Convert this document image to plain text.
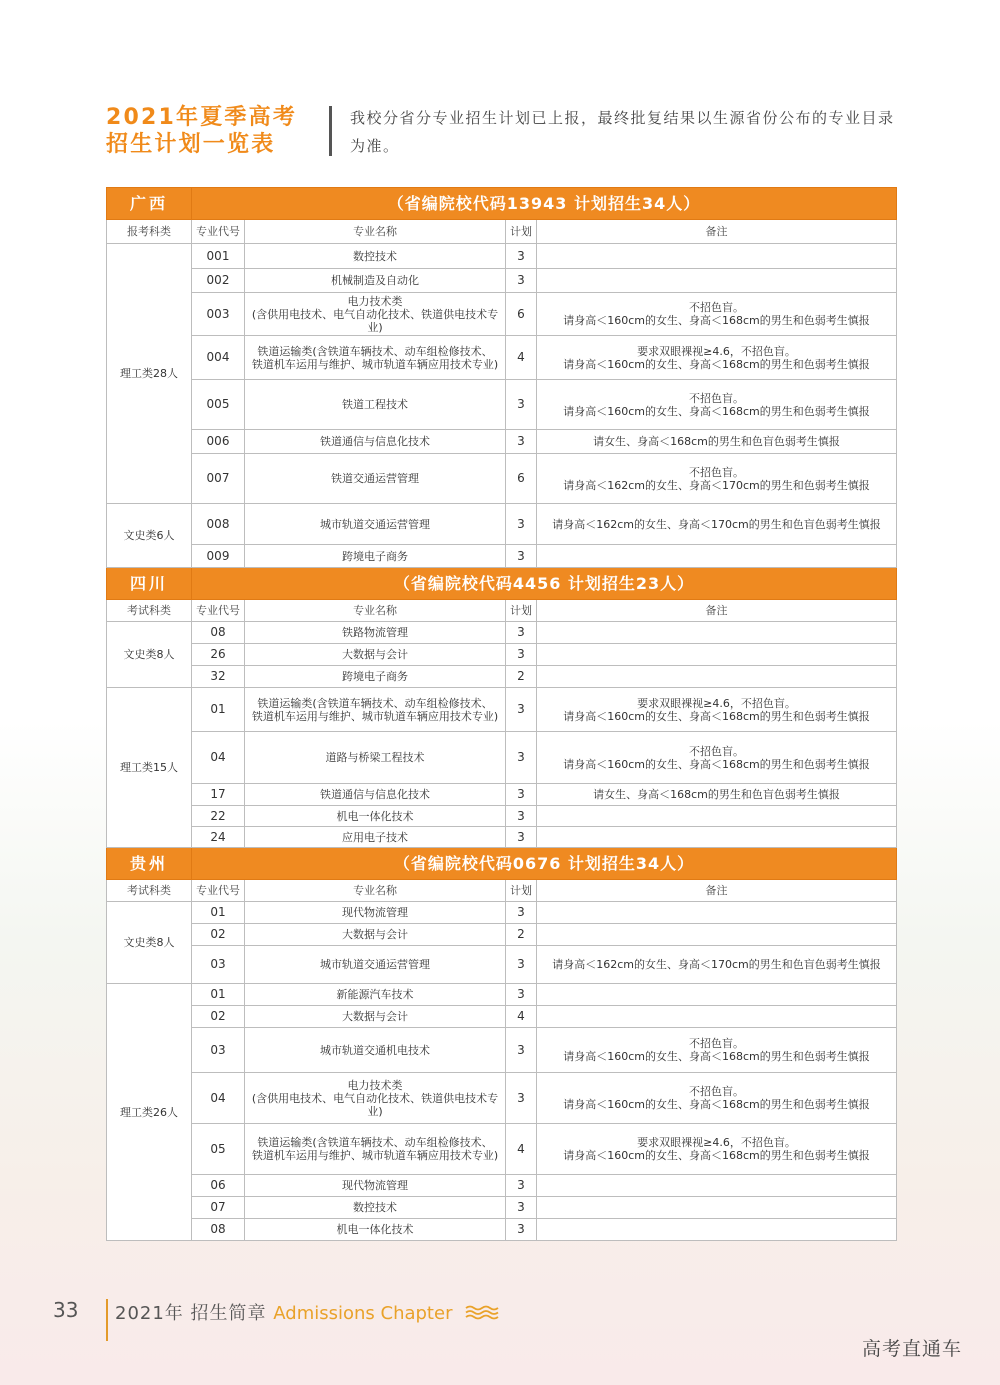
2021年夏季高考
招生计划一览表
我校分省分专业招生计划已上报，最终批复结果以生源省份公布的专业目录为准。
广西	（省编院校代码13943 计划招生34人）			
报考科类	专业代号	专业名称	计划	备注
理工类28人	001	数控技术	3	
	002	机械制造及自动化	3	
	003	电力技术类
(含供用电技术、电气自动化技术、铁道供电技术专业)	6	不招色盲。
请身高＜160cm的女生、身高＜168cm的男生和色弱考生慎报
	004	铁道运输类(含铁道车辆技术、动车组检修技术、
铁道机车运用与维护、城市轨道车辆应用技术专业)	4	要求双眼裸视≥4.6，不招色盲。
请身高＜160cm的女生、身高＜168cm的男生和色弱考生慎报
	005	铁道工程技术	3	不招色盲。
请身高＜160cm的女生、身高＜168cm的男生和色弱考生慎报
	006	铁道通信与信息化技术	3	请女生、身高＜168cm的男生和色盲色弱考生慎报
	007	铁道交通运营管理	6	不招色盲。
请身高＜162cm的女生、身高＜170cm的男生和色弱考生慎报
文史类6人	008	城市轨道交通运营管理	3	请身高＜162cm的女生、身高＜170cm的男生和色盲色弱考生慎报
	009	跨境电子商务	3	
四川	（省编院校代码4456 计划招生23人）			
考试科类	专业代号	专业名称	计划	备注
文史类8人	08	铁路物流管理	3	
	26	大数据与会计	3	
	32	跨境电子商务	2	
理工类15人	01	铁道运输类(含铁道车辆技术、动车组检修技术、
铁道机车运用与维护、城市轨道车辆应用技术专业)	3	要求双眼裸视≥4.6，不招色盲。
请身高＜160cm的女生、身高＜168cm的男生和色弱考生慎报
	04	道路与桥梁工程技术	3	不招色盲。
请身高＜160cm的女生、身高＜168cm的男生和色弱考生慎报
	17	铁道通信与信息化技术	3	请女生、身高＜168cm的男生和色盲色弱考生慎报
	22	机电一体化技术	3	
	24	应用电子技术	3	
贵州	（省编院校代码0676 计划招生34人）			
考试科类	专业代号	专业名称	计划	备注
文史类8人	01	现代物流管理	3	
	02	大数据与会计	2	
	03	城市轨道交通运营管理	3	请身高＜162cm的女生、身高＜170cm的男生和色盲色弱考生慎报
理工类26人	01	新能源汽车技术	3	
	02	大数据与会计	4	
	03	城市轨道交通机电技术	3	不招色盲。
请身高＜160cm的女生、身高＜168cm的男生和色弱考生慎报
	04	电力技术类
(含供用电技术、电气自动化技术、铁道供电技术专业)	3	不招色盲。
请身高＜160cm的女生、身高＜168cm的男生和色弱考生慎报
	05	铁道运输类(含铁道车辆技术、动车组检修技术、
铁道机车运用与维护、城市轨道车辆应用技术专业)	4	要求双眼裸视≥4.6，不招色盲。
请身高＜160cm的女生、身高＜168cm的男生和色弱考生慎报
	06	现代物流管理	3	
	07	数控技术	3	
	08	机电一体化技术	3	
33 2021年 招生简章 Admissions Chapter
高考直通车
